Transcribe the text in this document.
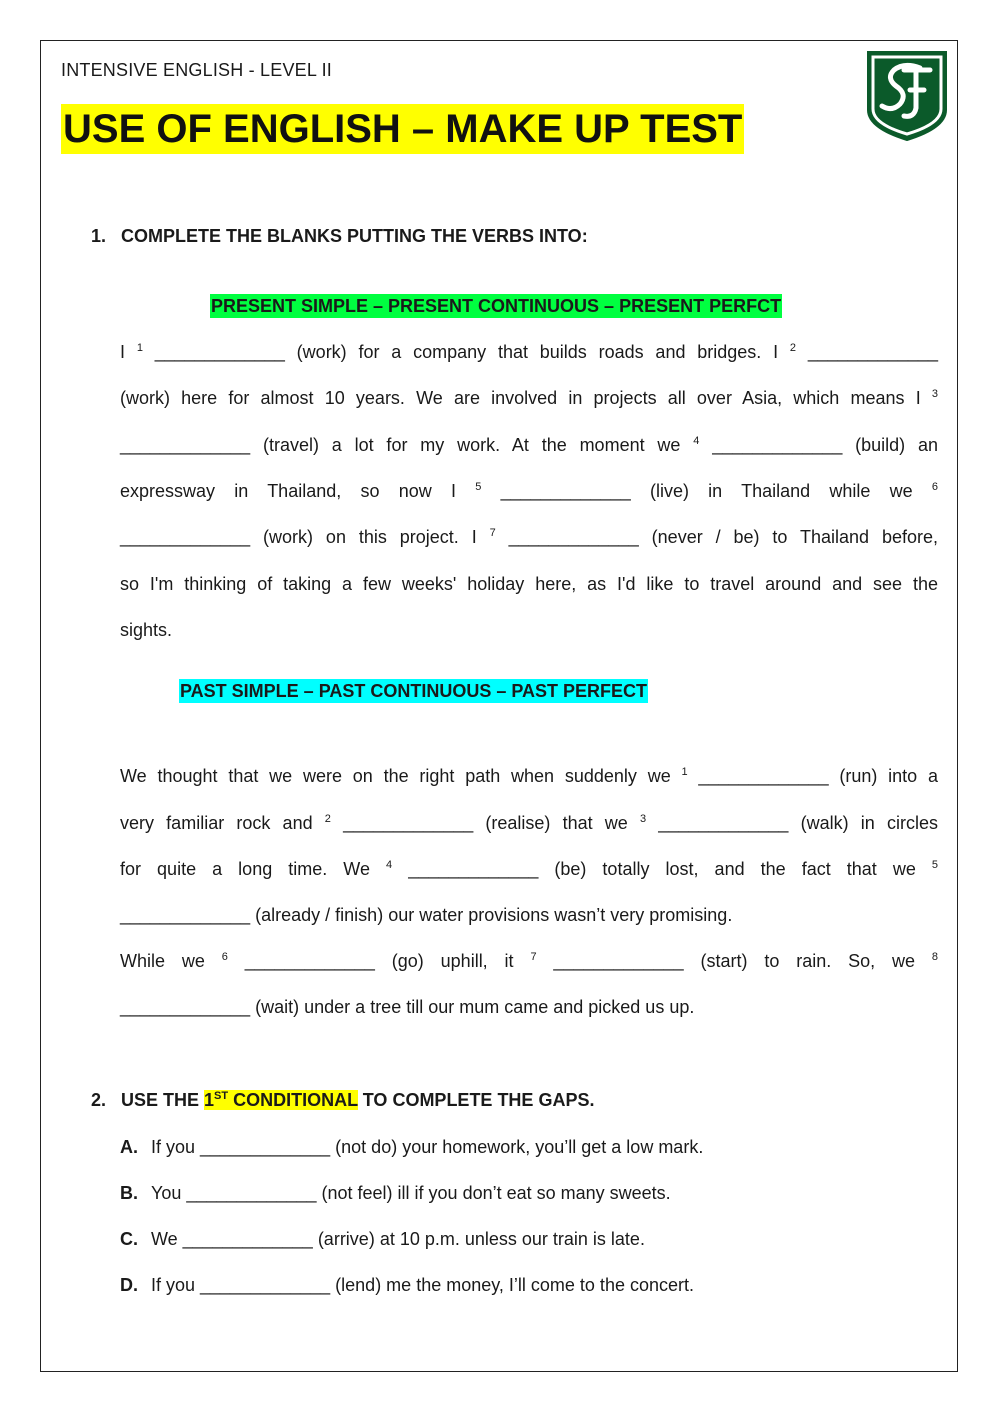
INTENSIVE ENGLISH - LEVEL II
USE OF ENGLISH – MAKE UP TEST
1. COMPLETE THE BLANKS PUTTING THE VERBS INTO:
PRESENT SIMPLE – PRESENT CONTINUOUS – PRESENT PERFCT
I $^1$ _____________ (work) for a company that builds roads and bridges. I $^2$ _____________
(work) here for almost 10 years. We are involved in projects all over Asia, which means I $^3$
_____________ (travel) a lot for my work. At the moment we $^4$ _____________ (build) an
expressway in Thailand, so now I $^5$ _____________ (live) in Thailand while we $^6$
_____________ (work) on this project. I $^7$ _____________ (never / be) to Thailand before,
so I'm thinking of taking a few weeks' holiday here, as I'd like to travel around and see the
sights.
PAST SIMPLE – PAST CONTINUOUS – PAST PERFECT
We thought that we were on the right path when suddenly we $^1$ _____________ (run) into a
very familiar rock and $^2$ _____________ (realise) that we $^3$ _____________ (walk) in circles
for quite a long time. We $^4$ _____________ (be) totally lost, and the fact that we $^5$
_____________ (already / finish) our water provisions wasn’t very promising.
While we $^6$ _____________ (go) uphill, it $^7$ _____________ (start) to rain. So, we $^8$
_____________ (wait) under a tree till our mum came and picked us up.
2. USE THE 1ST CONDITIONAL TO COMPLETE THE GAPS.
A. If you _____________ (not do) your homework, you’ll get a low mark.
B. You _____________ (not feel) ill if you don’t eat so many sweets.
C. We _____________ (arrive) at 10 p.m. unless our train is late.
D. If you _____________ (lend) me the money, I’ll come to the concert.
